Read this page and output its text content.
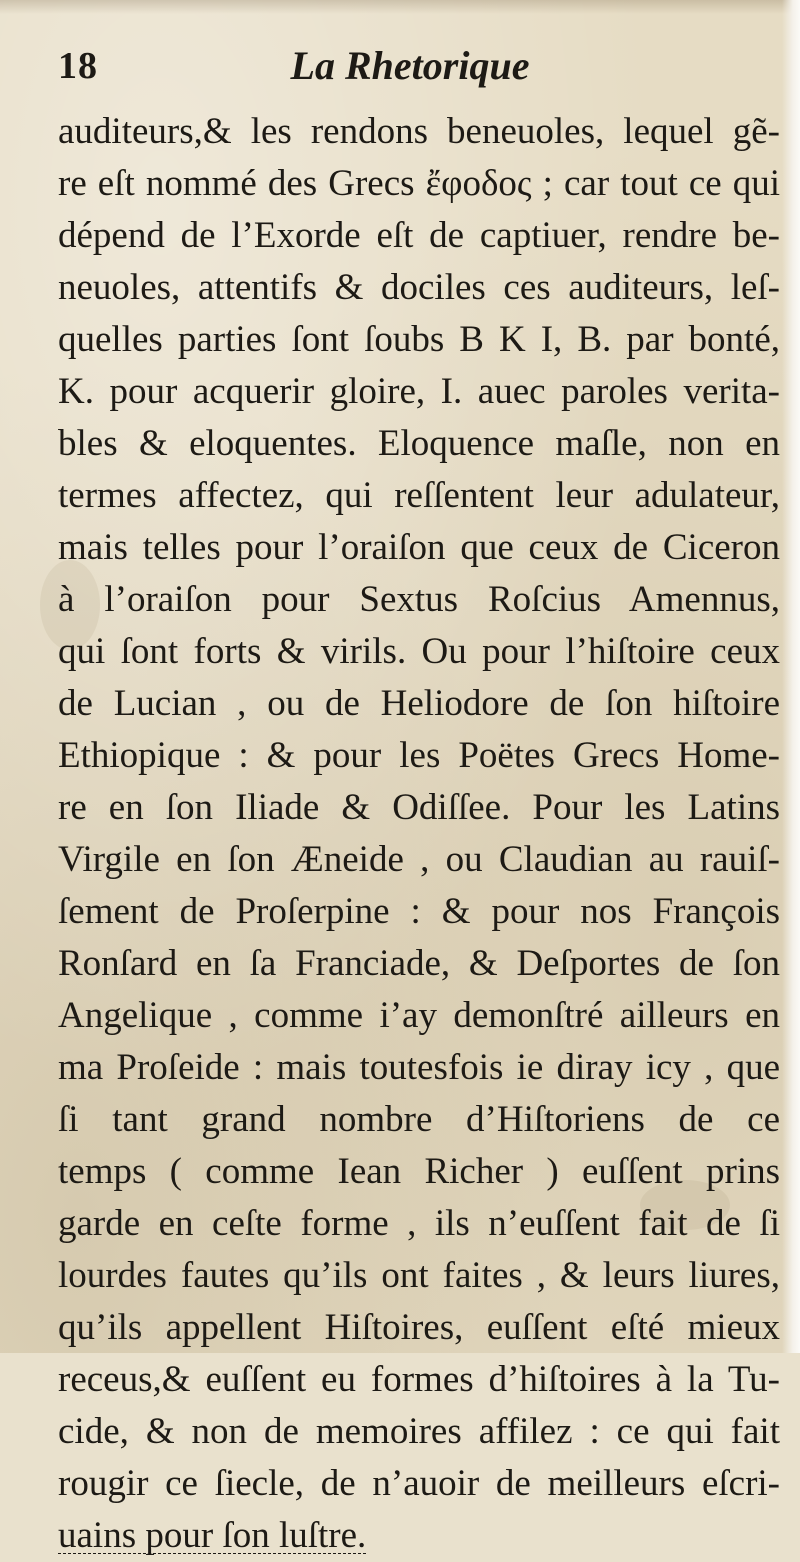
18	La Rhetorique
auditeurs,& les rendons beneuoles, lequel gẽ-
re eſt nommé des Grecs ἔφοδος ; car tout ce qui
dépend de l’Exorde eſt de captiuer, rendre be-
neuoles, attentifs & dociles ces auditeurs, leſ-
quelles parties ſont ſoubs B K I, B. par bonté,
K. pour acquerir gloire, I. auec paroles verita-
bles & eloquentes. Eloquence maſle, non en
termes affectez, qui reſſentent leur adulateur,
mais telles pour l’oraiſon que ceux de Ciceron
à l’oraiſon pour Sextus Roſcius Amennus,
qui ſont forts & virils. Ou pour l’hiſtoire ceux
de Lucian , ou de Heliodore de ſon hiſtoire
Ethiopique : & pour les Poëtes Grecs Home-
re en ſon Iliade & Odiſſee. Pour les Latins
Virgile en ſon Æneide , ou Claudian au rauiſ-
ſement de Proſerpine : & pour nos François
Ronſard en ſa Franciade, & Deſportes de ſon
Angelique , comme i’ay demonſtré ailleurs en
ma Proſeide : mais toutesfois ie diray icy , que
ſi tant grand nombre d’Hiſtoriens de ce
temps ( comme Iean Richer ) euſſent prins
garde en ceſte forme , ils n’euſſent fait de ſi
lourdes fautes qu’ils ont faites , & leurs liures,
qu’ils appellent Hiſtoires, euſſent eſté mieux
receus,& euſſent eu formes d’hiſtoires à la Tu-
cide, & non de memoires affilez : ce qui fait
rougir ce ſiecle, de n’auoir de meilleurs eſcri-
uains pour ſon luſtre.
